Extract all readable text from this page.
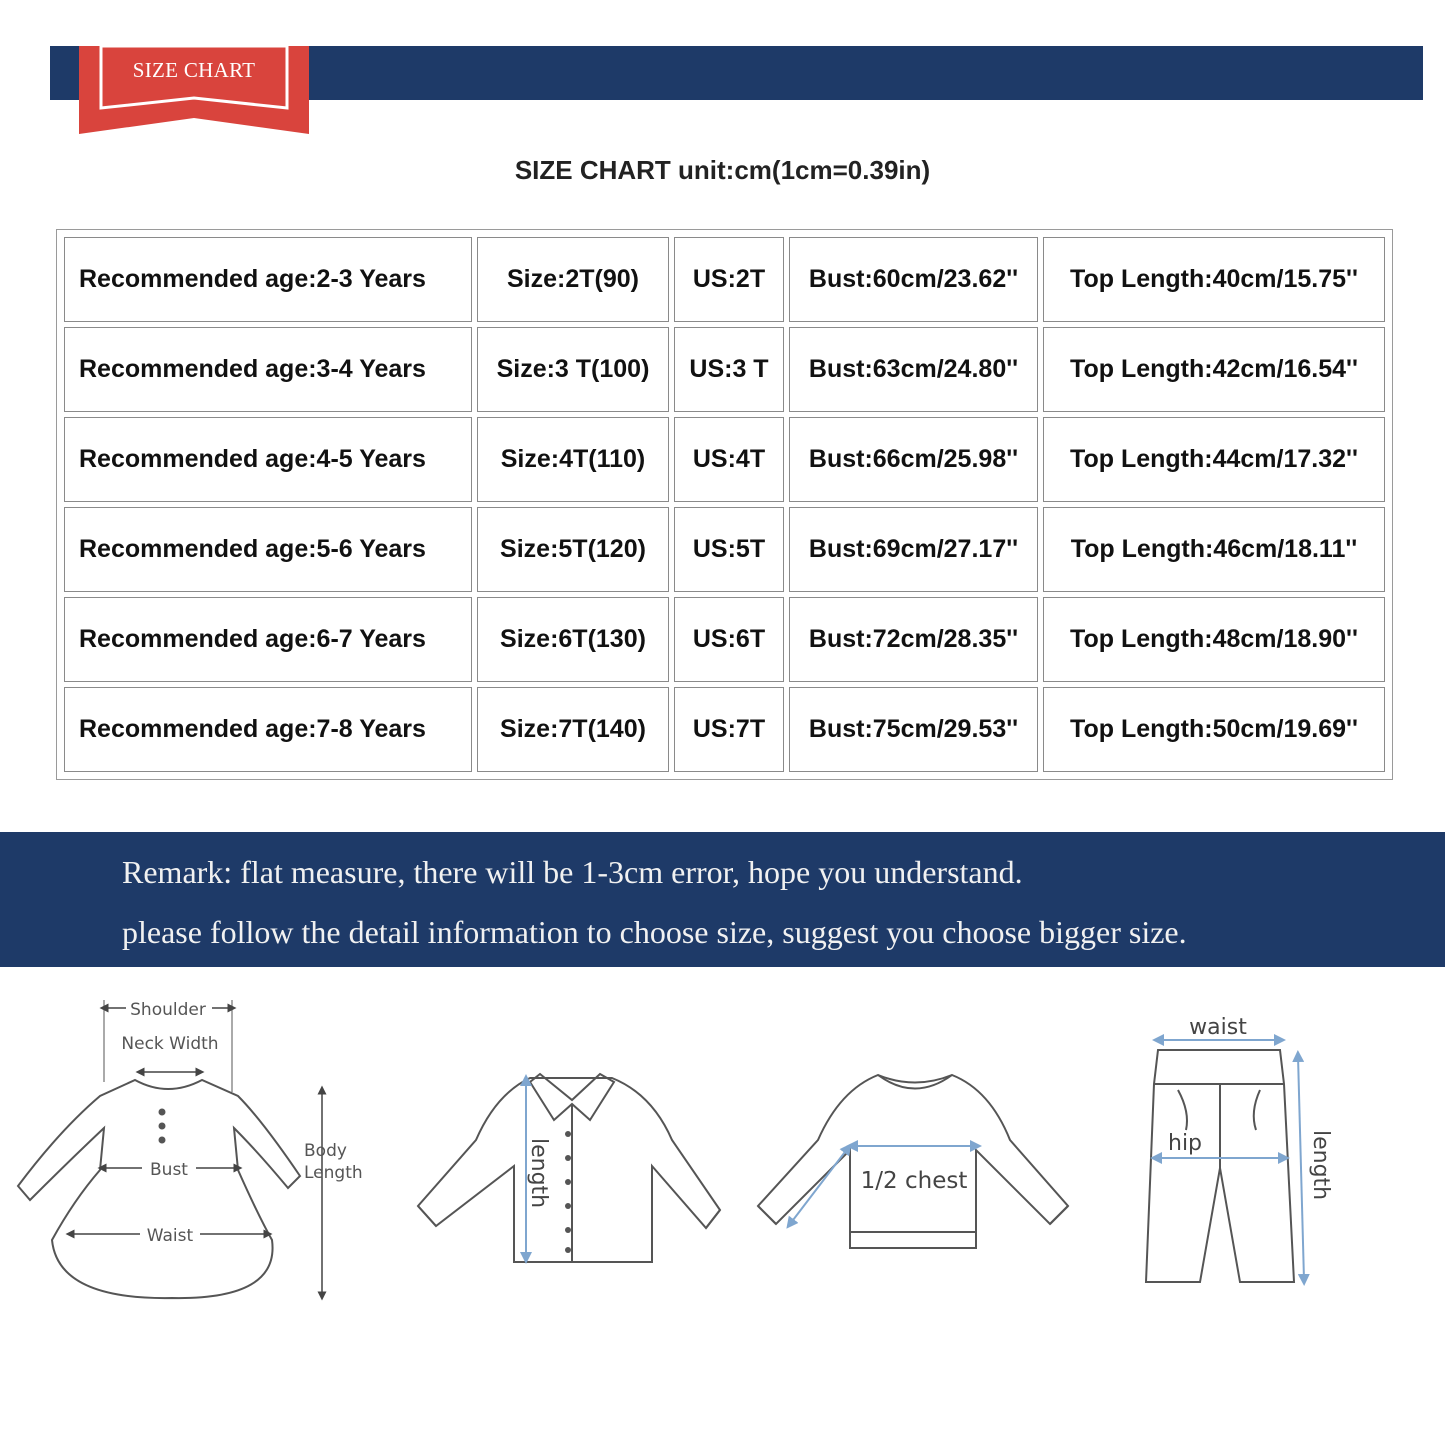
SIZE CHART
SIZE CHART unit:cm(1cm=0.39in)
Recommended age:2-3 Years	Size:2T(90)	US:2T	Bust:60cm/23.62''	Top Length:40cm/15.75''
Recommended age:3-4 Years	Size:3 T(100)	US:3 T	Bust:63cm/24.80''	Top Length:42cm/16.54''
Recommended age:4-5 Years	Size:4T(110)	US:4T	Bust:66cm/25.98''	Top Length:44cm/17.32''
Recommended age:5-6 Years	Size:5T(120)	US:5T	Bust:69cm/27.17''	Top Length:46cm/18.11''
Recommended age:6-7 Years	Size:6T(130)	US:6T	Bust:72cm/28.35''	Top Length:48cm/18.90''
Recommended age:7-8 Years	Size:7T(140)	US:7T	Bust:75cm/29.53''	Top Length:50cm/19.69''
Remark: flat measure, there will be 1-3cm error, hope you understand.
please follow the detail information to choose size, suggest you choose bigger size.
Shoulder
Neck Width
Bust
Waist
Body
Length	length	1/2 chest
waist
hip	length
